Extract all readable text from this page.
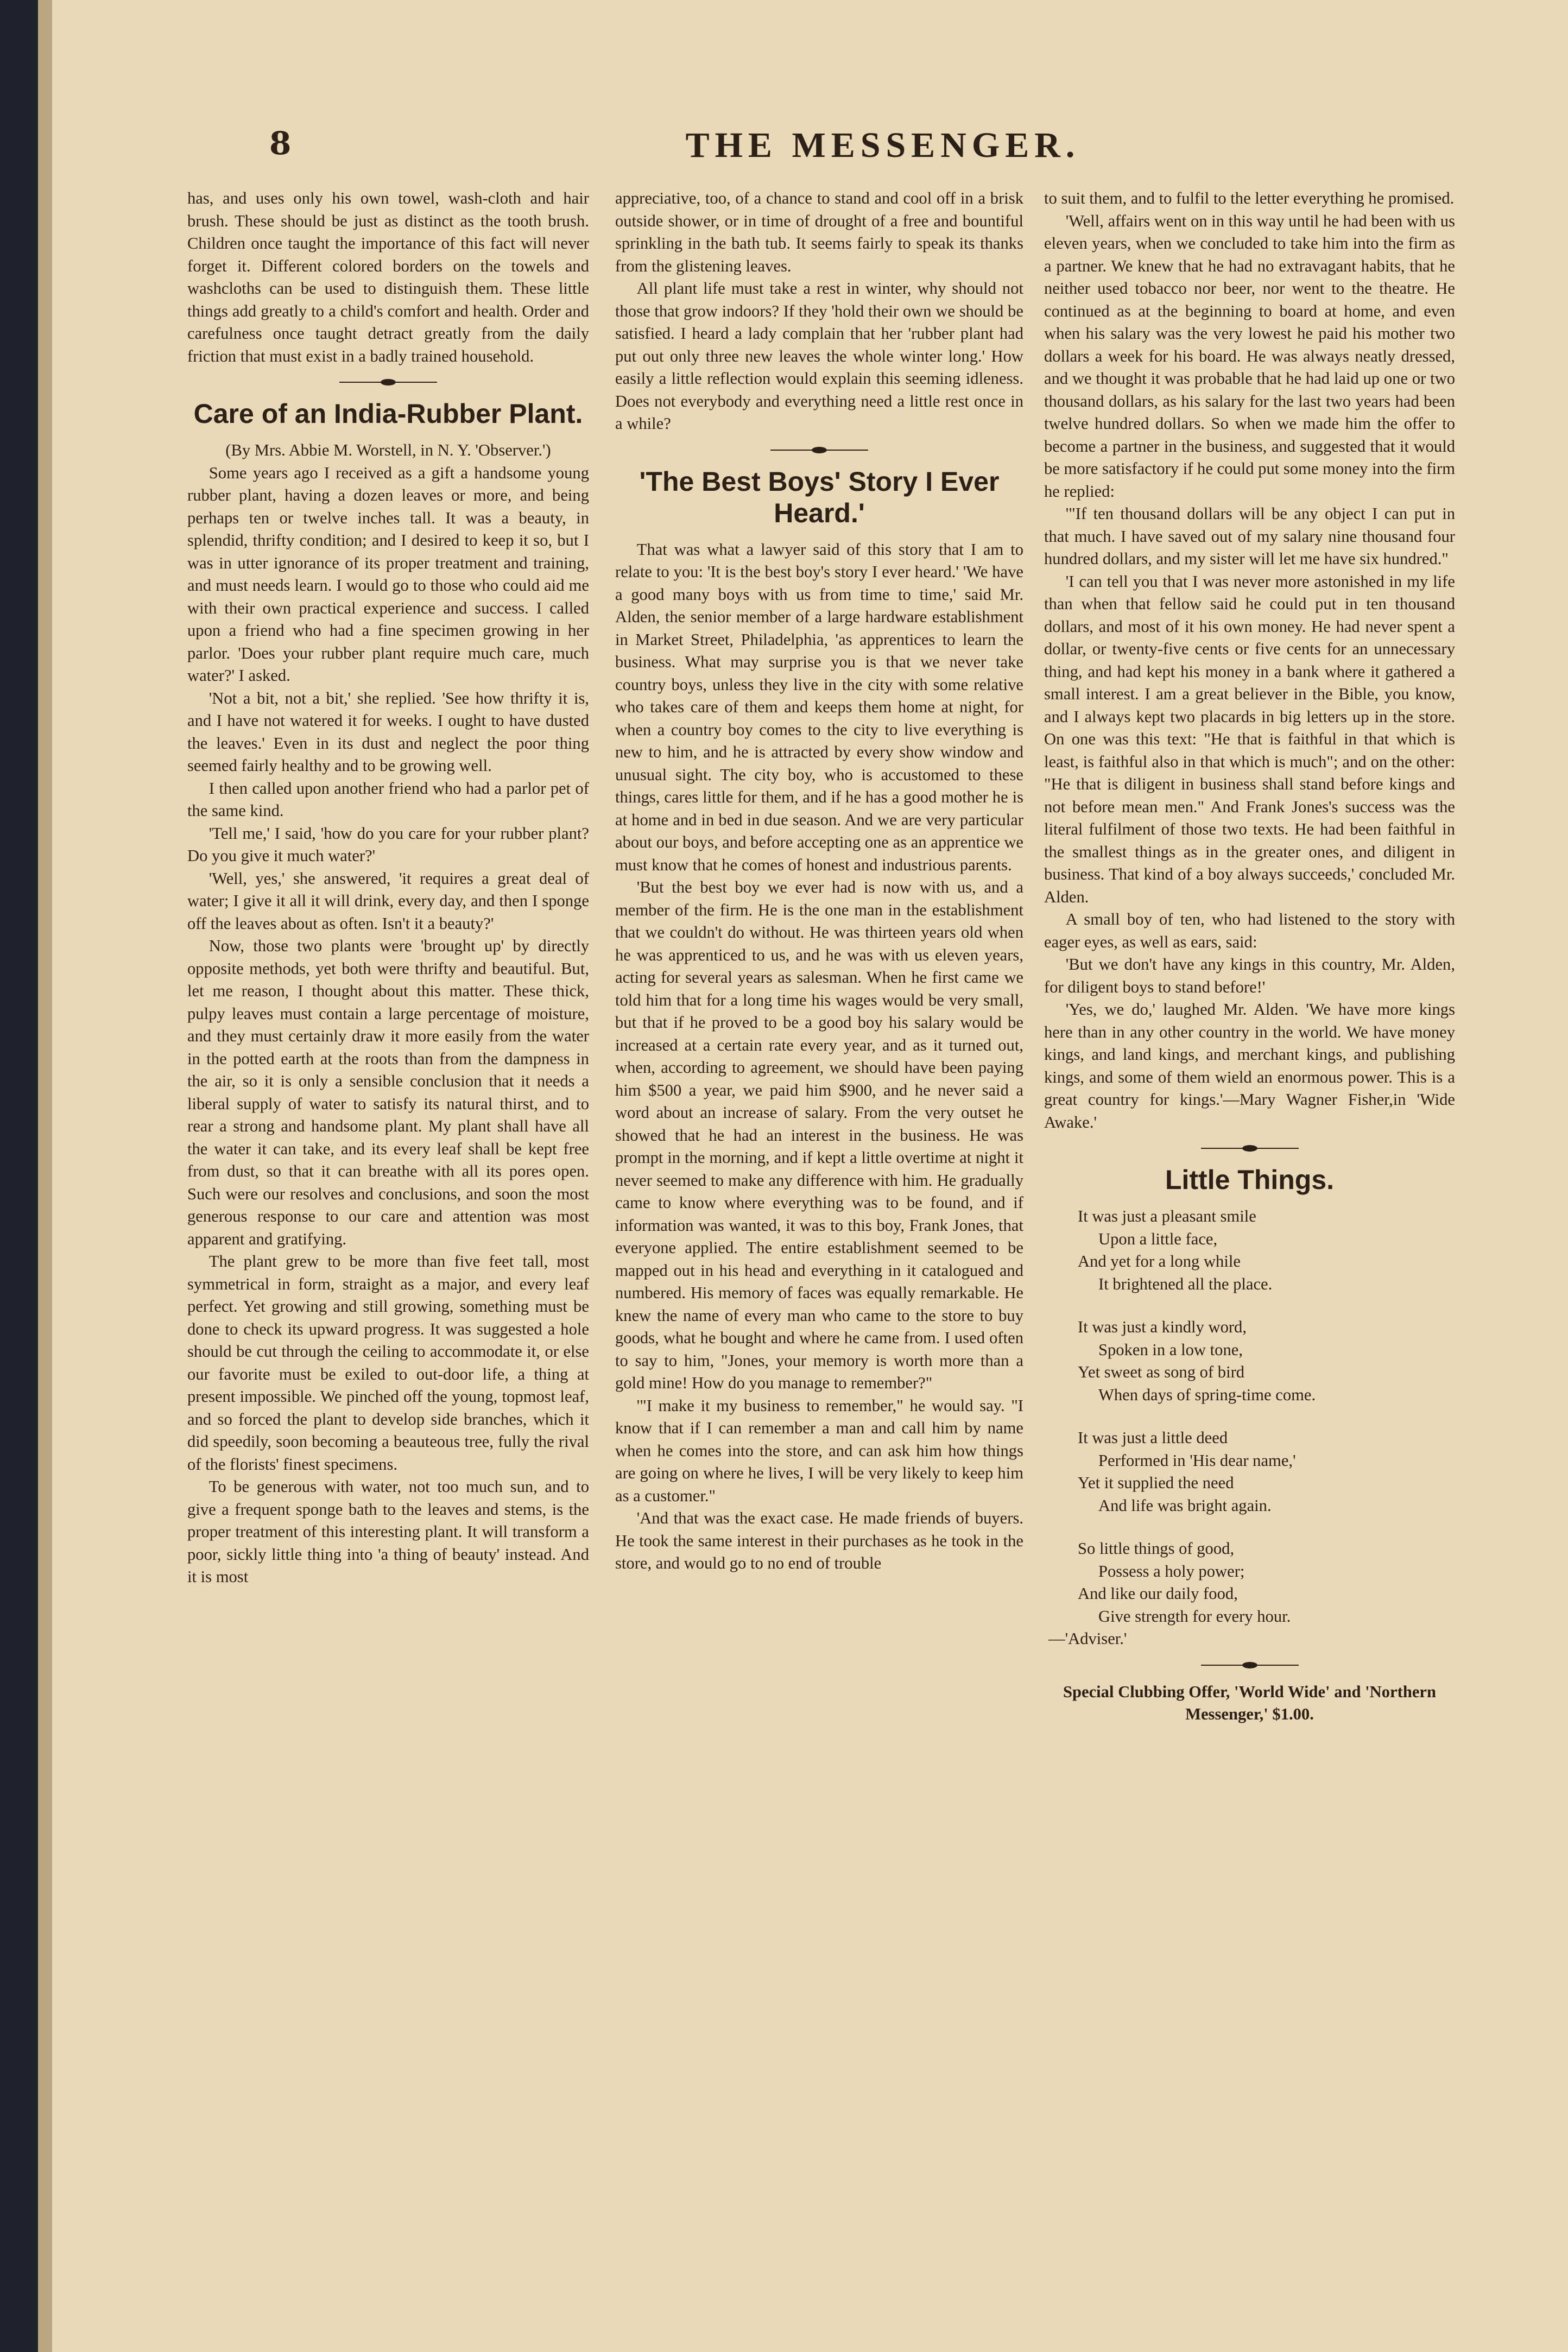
8	THE MESSENGER.

has, and uses only his own towel, wash-cloth and hair brush. These should be just as distinct as the tooth brush. Children once taught the importance of this fact will never forget it. Different colored borders on the towels and washcloths can be used to distinguish them. These little things add greatly to a child's comfort and health. Order and carefulness once taught detract greatly from the daily friction that must exist in a badly trained household.

Care of an India-Rubber Plant.

(By Mrs. Abbie M. Worstell, in N. Y. 'Observer.')

Some years ago I received as a gift a handsome young rubber plant, having a dozen leaves or more, and being perhaps ten or twelve inches tall. It was a beauty, in splendid, thrifty condition; and I desired to keep it so, but I was in utter ignorance of its proper treatment and training, and must needs learn. I would go to those who could aid me with their own practical experience and success. I called upon a friend who had a fine specimen growing in her parlor. 'Does your rubber plant require much care, much water?' I asked.

'Not a bit, not a bit,' she replied. 'See how thrifty it is, and I have not watered it for weeks. I ought to have dusted the leaves.' Even in its dust and neglect the poor thing seemed fairly healthy and to be growing well.

I then called upon another friend who had a parlor pet of the same kind.

'Tell me,' I said, 'how do you care for your rubber plant? Do you give it much water?'

'Well, yes,' she answered, 'it requires a great deal of water; I give it all it will drink, every day, and then I sponge off the leaves about as often. Isn't it a beauty?'

Now, those two plants were 'brought up' by directly opposite methods, yet both were thrifty and beautiful. But, let me reason, I thought about this matter. These thick, pulpy leaves must contain a large percentage of moisture, and they must certainly draw it more easily from the water in the potted earth at the roots than from the dampness in the air, so it is only a sensible conclusion that it needs a liberal supply of water to satisfy its natural thirst, and to rear a strong and handsome plant. My plant shall have all the water it can take, and its every leaf shall be kept free from dust, so that it can breathe with all its pores open. Such were our resolves and conclusions, and soon the most generous response to our care and attention was most apparent and gratifying.

The plant grew to be more than five feet tall, most symmetrical in form, straight as a major, and every leaf perfect. Yet growing and still growing, something must be done to check its upward progress. It was suggested a hole should be cut through the ceiling to accommodate it, or else our favorite must be exiled to out-door life, a thing at present impossible. We pinched off the young, topmost leaf, and so forced the plant to develop side branches, which it did speedily, soon becoming a beauteous tree, fully the rival of the florists' finest specimens.

To be generous with water, not too much sun, and to give a frequent sponge bath to the leaves and stems, is the proper treatment of this interesting plant. It will transform a poor, sickly little thing into 'a thing of beauty' instead. And it is most

appreciative, too, of a chance to stand and cool off in a brisk outside shower, or in time of drought of a free and bountiful sprinkling in the bath tub. It seems fairly to speak its thanks from the glistening leaves.

All plant life must take a rest in winter, why should not those that grow indoors? If they 'hold their own we should be satisfied. I heard a lady complain that her 'rubber plant had put out only three new leaves the whole winter long.' How easily a little reflection would explain this seeming idleness. Does not everybody and everything need a little rest once in a while?

'The Best Boys' Story I Ever Heard.'

That was what a lawyer said of this story that I am to relate to you: 'It is the best boy's story I ever heard.' 'We have a good many boys with us from time to time,' said Mr. Alden, the senior member of a large hardware establishment in Market Street, Philadelphia, 'as apprentices to learn the business. What may surprise you is that we never take country boys, unless they live in the city with some relative who takes care of them and keeps them home at night, for when a country boy comes to the city to live everything is new to him, and he is attracted by every show window and unusual sight. The city boy, who is accustomed to these things, cares little for them, and if he has a good mother he is at home and in bed in due season. And we are very particular about our boys, and before accepting one as an apprentice we must know that he comes of honest and industrious parents.

'But the best boy we ever had is now with us, and a member of the firm. He is the one man in the establishment that we couldn't do without. He was thirteen years old when he was apprenticed to us, and he was with us eleven years, acting for several years as salesman. When he first came we told him that for a long time his wages would be very small, but that if he proved to be a good boy his salary would be increased at a certain rate every year, and as it turned out, when, according to agreement, we should have been paying him $500 a year, we paid him $900, and he never said a word about an increase of salary. From the very outset he showed that he had an interest in the business. He was prompt in the morning, and if kept a little overtime at night it never seemed to make any difference with him. He gradually came to know where everything was to be found, and if information was wanted, it was to this boy, Frank Jones, that everyone applied. The entire establishment seemed to be mapped out in his head and everything in it catalogued and numbered. His memory of faces was equally remarkable. He knew the name of every man who came to the store to buy goods, what he bought and where he came from. I used often to say to him, "Jones, your memory is worth more than a gold mine! How do you manage to remember?"

'"I make it my business to remember," he would say. "I know that if I can remember a man and call him by name when he comes into the store, and can ask him how things are going on where he lives, I will be very likely to keep him as a customer."

'And that was the exact case. He made friends of buyers. He took the same interest in their purchases as he took in the store, and would go to no end of trouble

to suit them, and to fulfil to the letter everything he promised.

'Well, affairs went on in this way until he had been with us eleven years, when we concluded to take him into the firm as a partner. We knew that he had no extravagant habits, that he neither used tobacco nor beer, nor went to the theatre. He continued as at the beginning to board at home, and even when his salary was the very lowest he paid his mother two dollars a week for his board. He was always neatly dressed, and we thought it was probable that he had laid up one or two thousand dollars, as his salary for the last two years had been twelve hundred dollars. So when we made him the offer to become a partner in the business, and suggested that it would be more satisfactory if he could put some money into the firm he replied:

'"If ten thousand dollars will be any object I can put in that much. I have saved out of my salary nine thousand four hundred dollars, and my sister will let me have six hundred."

'I can tell you that I was never more astonished in my life than when that fellow said he could put in ten thousand dollars, and most of it his own money. He had never spent a dollar, or twenty-five cents or five cents for an unnecessary thing, and had kept his money in a bank where it gathered a small interest. I am a great believer in the Bible, you know, and I always kept two placards in big letters up in the store. On one was this text: "He that is faithful in that which is least, is faithful also in that which is much"; and on the other: "He that is diligent in business shall stand before kings and not before mean men." And Frank Jones's success was the literal fulfilment of those two texts. He had been faithful in the smallest things as in the greater ones, and diligent in business. That kind of a boy always succeeds,' concluded Mr. Alden.

A small boy of ten, who had listened to the story with eager eyes, as well as ears, said:

'But we don't have any kings in this country, Mr. Alden, for diligent boys to stand before!'

'Yes, we do,' laughed Mr. Alden. 'We have more kings here than in any other country in the world. We have money kings, and land kings, and merchant kings, and publishing kings, and some of them wield an enormous power. This is a great country for kings.'—Mary Wagner Fisher,in 'Wide Awake.'

Little Things.

It was just a pleasant smile

Upon a little face,

And yet for a long while

It brightened all the place.

It was just a kindly word,

Spoken in a low tone,

Yet sweet as song of bird

When days of spring-time come.

It was just a little deed

Performed in 'His dear name,'

Yet it supplied the need

And life was bright again.

So little things of good,

Possess a holy power;

And like our daily food,

Give strength for every hour.

—'Adviser.'

Special Clubbing Offer, 'World Wide' and 'Northern Messenger,' $1.00.
